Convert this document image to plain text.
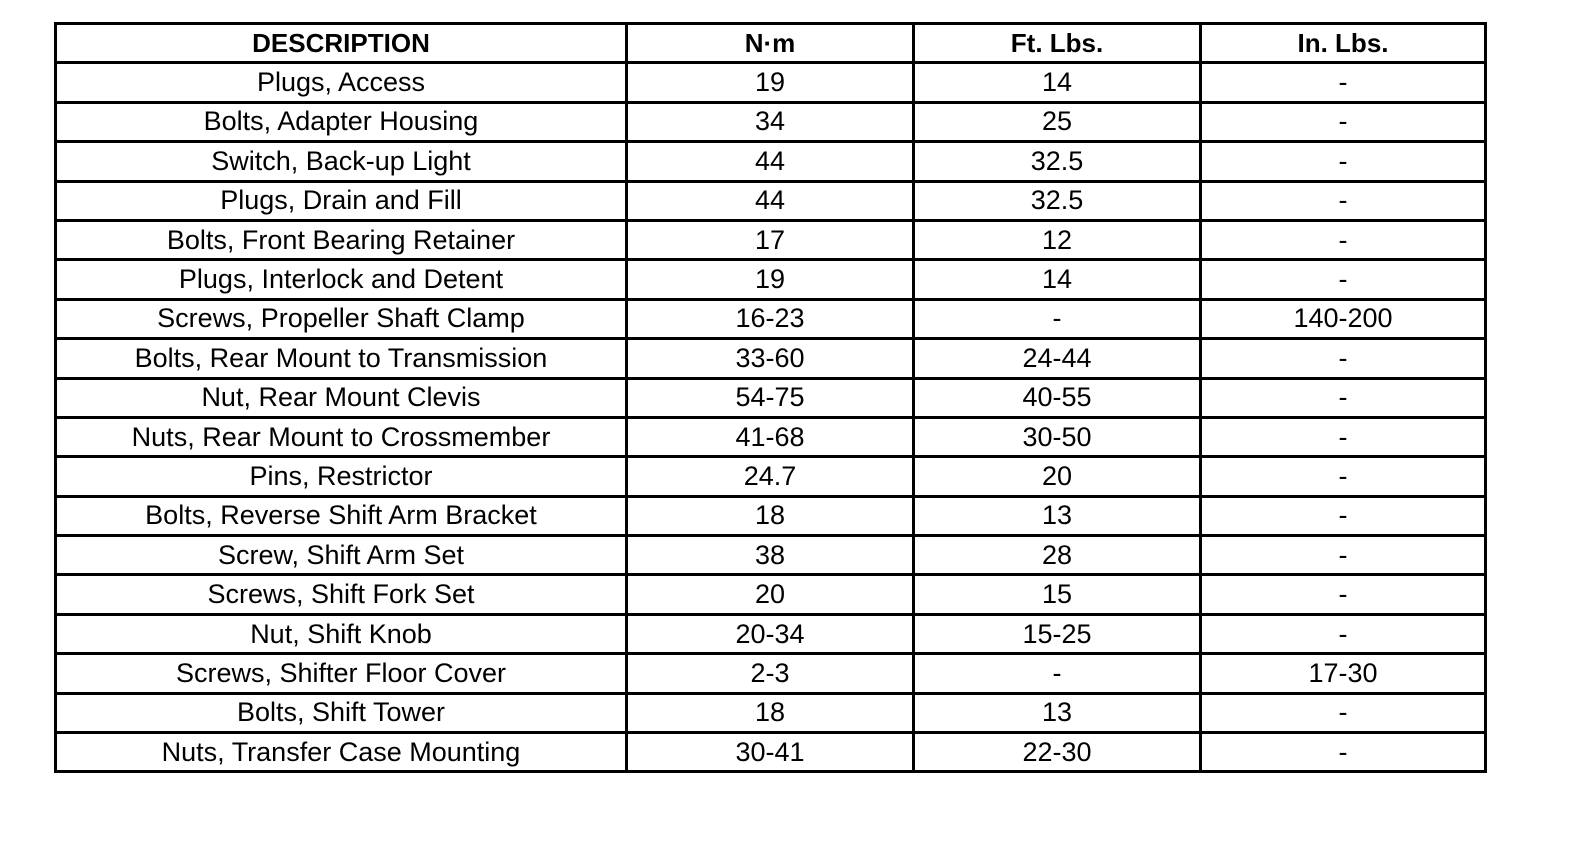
DESCRIPTION	N·m	Ft. Lbs.	In. Lbs.
Plugs, Access	19	14	-
Bolts, Adapter Housing	34	25	-
Switch, Back-up Light	44	32.5	-
Plugs, Drain and Fill	44	32.5	-
Bolts, Front Bearing Retainer	17	12	-
Plugs, Interlock and Detent	19	14	-
Screws, Propeller Shaft Clamp	16-23	-	140-200
Bolts, Rear Mount to Transmission	33-60	24-44	-
Nut, Rear Mount Clevis	54-75	40-55	-
Nuts, Rear Mount to Crossmember	41-68	30-50	-
Pins, Restrictor	24.7	20	-
Bolts, Reverse Shift Arm Bracket	18	13	-
Screw, Shift Arm Set	38	28	-
Screws, Shift Fork Set	20	15	-
Nut, Shift Knob	20-34	15-25	-
Screws, Shifter Floor Cover	2-3	-	17-30
Bolts, Shift Tower	18	13	-
Nuts, Transfer Case Mounting	30-41	22-30	-
